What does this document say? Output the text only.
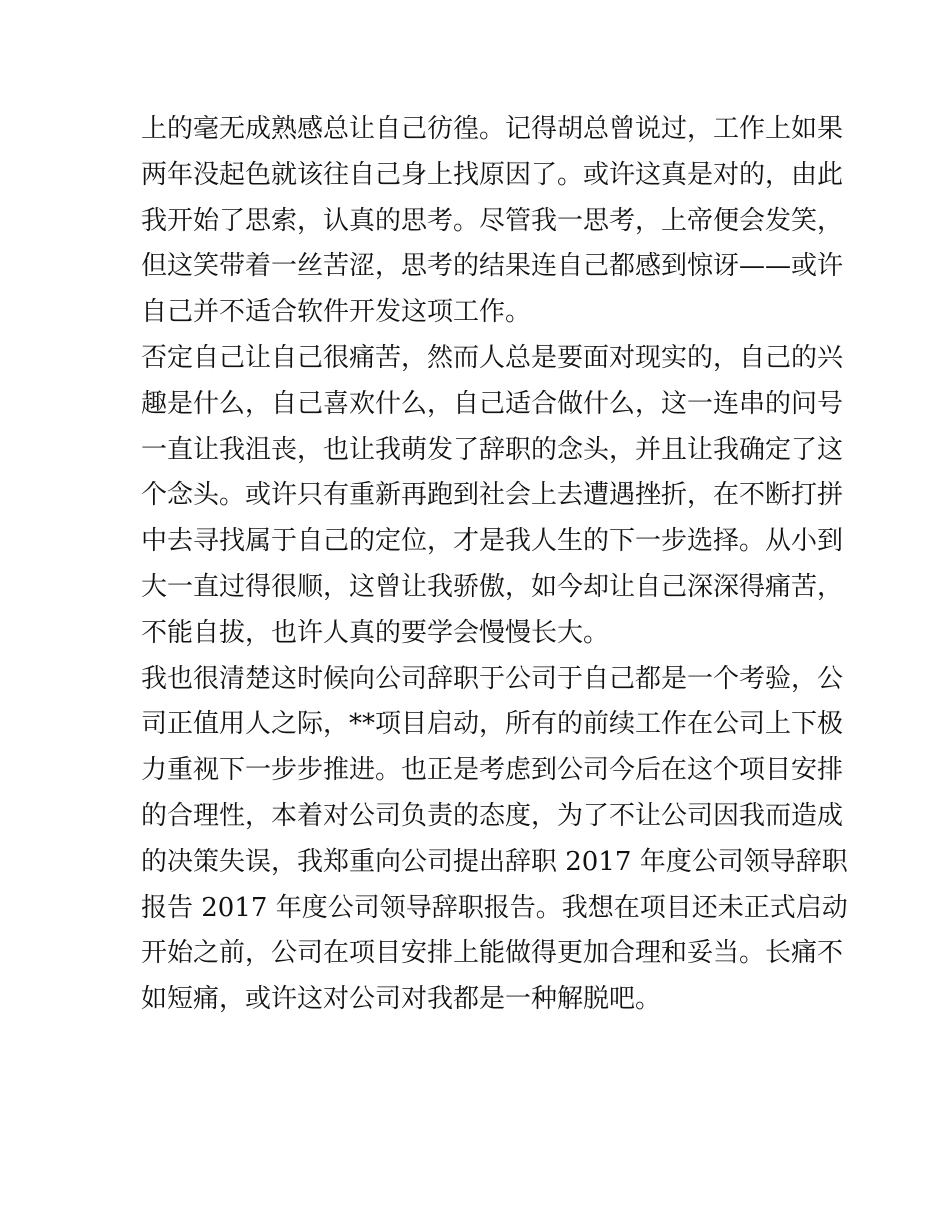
上的毫无成熟感总让自己彷徨。记得胡总曾说过，工作上如果
两年没起色就该往自己身上找原因了。或许这真是对的，由此
我开始了思索，认真的思考。尽管我一思考，上帝便会发笑，
但这笑带着一丝苦涩，思考的结果连自己都感到惊讶——或许
自己并不适合软件开发这项工作。
否定自己让自己很痛苦，然而人总是要面对现实的，自己的兴
趣是什么，自己喜欢什么，自己适合做什么，这一连串的问号
一直让我沮丧，也让我萌发了辞职的念头，并且让我确定了这
个念头。或许只有重新再跑到社会上去遭遇挫折，在不断打拼
中去寻找属于自己的定位，才是我人生的下一步选择。从小到
大一直过得很顺，这曾让我骄傲，如今却让自己深深得痛苦，
不能自拔，也许人真的要学会慢慢长大。
我也很清楚这时候向公司辞职于公司于自己都是一个考验，公
司正值用人之际，**项目启动，所有的前续工作在公司上下极
力重视下一步步推进。也正是考虑到公司今后在这个项目安排
的合理性，本着对公司负责的态度，为了不让公司因我而造成
的决策失误，我郑重向公司提出辞职 2017 年度公司领导辞职
报告 2017 年度公司领导辞职报告。我想在项目还未正式启动
开始之前，公司在项目安排上能做得更加合理和妥当。长痛不
如短痛，或许这对公司对我都是一种解脱吧。
